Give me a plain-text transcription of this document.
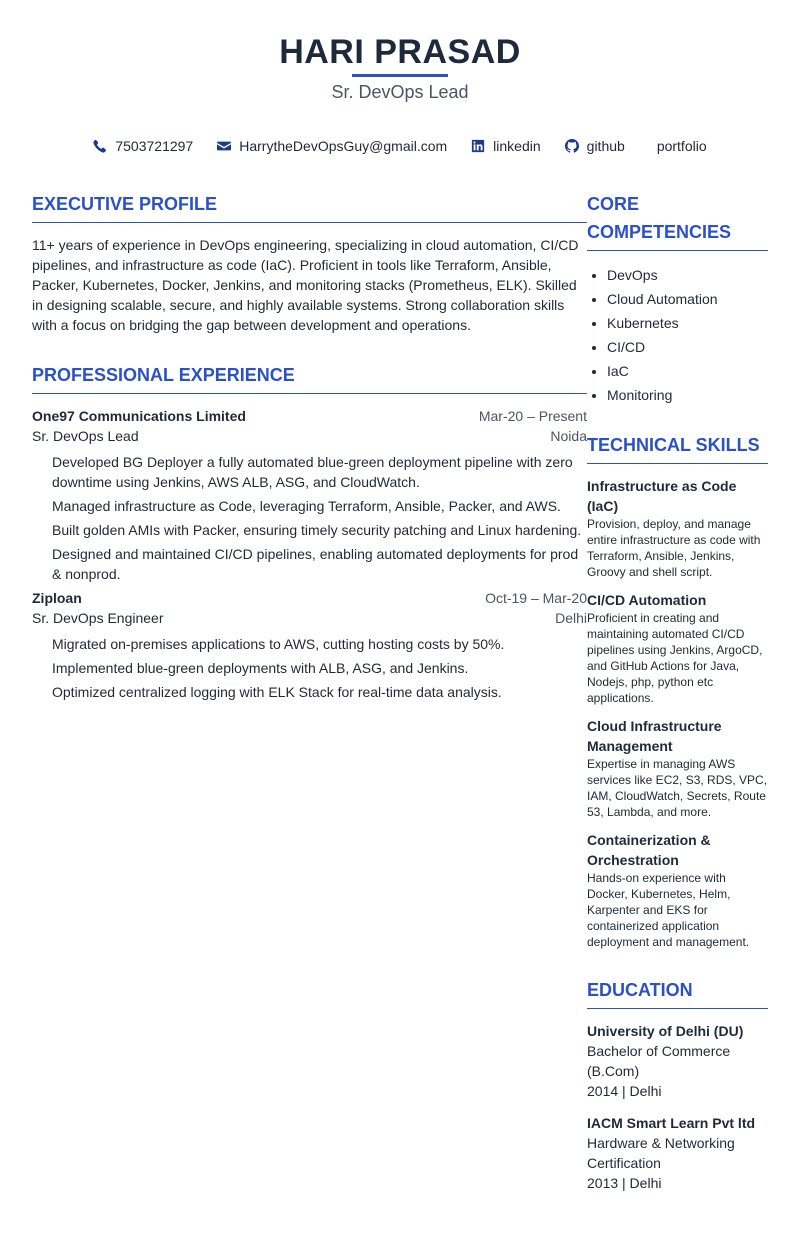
HARI PRASAD
Sr. DevOps Lead
7503721297	HarrytheDevOpsGuy@gmail.com	linkedin	github portfolio
EXECUTIVE PROFILE
11+ years of experience in DevOps engineering, specializing in cloud automation, CI/CD pipelines, and infrastructure as code (IaC). Proficient in tools like Terraform, Ansible, Packer, Kubernetes, Docker, Jenkins, and monitoring stacks (Prometheus, ELK). Skilled in designing scalable, secure, and highly available systems. Strong collaboration skills with a focus on bridging the gap between development and operations.
PROFESSIONAL EXPERIENCE
One97 Communications Limited	Mar-20 – Present
Sr. DevOps Lead	Noida
Developed BG Deployer a fully automated blue-green deployment pipeline with zero downtime using Jenkins, AWS ALB, ASG, and CloudWatch.
Managed infrastructure as Code, leveraging Terraform, Ansible, Packer, and AWS.
Built golden AMIs with Packer, ensuring timely security patching and Linux hardening.
Designed and maintained CI/CD pipelines, enabling automated deployments for prod & nonprod.
Ziploan	Oct-19 – Mar-20
Sr. DevOps Engineer	Delhi
Migrated on-premises applications to AWS, cutting hosting costs by 50%.
Implemented blue-green deployments with ALB, ASG, and Jenkins.
Optimized centralized logging with ELK Stack for real-time data analysis.
CORE COMPETENCIES
• DevOps
• Cloud Automation
• Kubernetes
• CI/CD
• IaC
• Monitoring
TECHNICAL SKILLS
Infrastructure as Code (IaC)
Provision, deploy, and manage entire infrastructure as code with Terraform, Ansible, Jenkins, Groovy and shell script.
CI/CD Automation
Proficient in creating and maintaining automated CI/CD pipelines using Jenkins, ArgoCD, and GitHub Actions for Java, Nodejs, php, python etc applications.
Cloud Infrastructure Management
Expertise in managing AWS services like EC2, S3, RDS, VPC, IAM, CloudWatch, Secrets, Route 53, Lambda, and more.
Containerization & Orchestration
Hands-on experience with Docker, Kubernetes, Helm, Karpenter and EKS for containerized application deployment and management.
EDUCATION
University of Delhi (DU)
Bachelor of Commerce (B.Com)
2014 | Delhi
IACM Smart Learn Pvt ltd
Hardware & Networking Certification
2013 | Delhi
